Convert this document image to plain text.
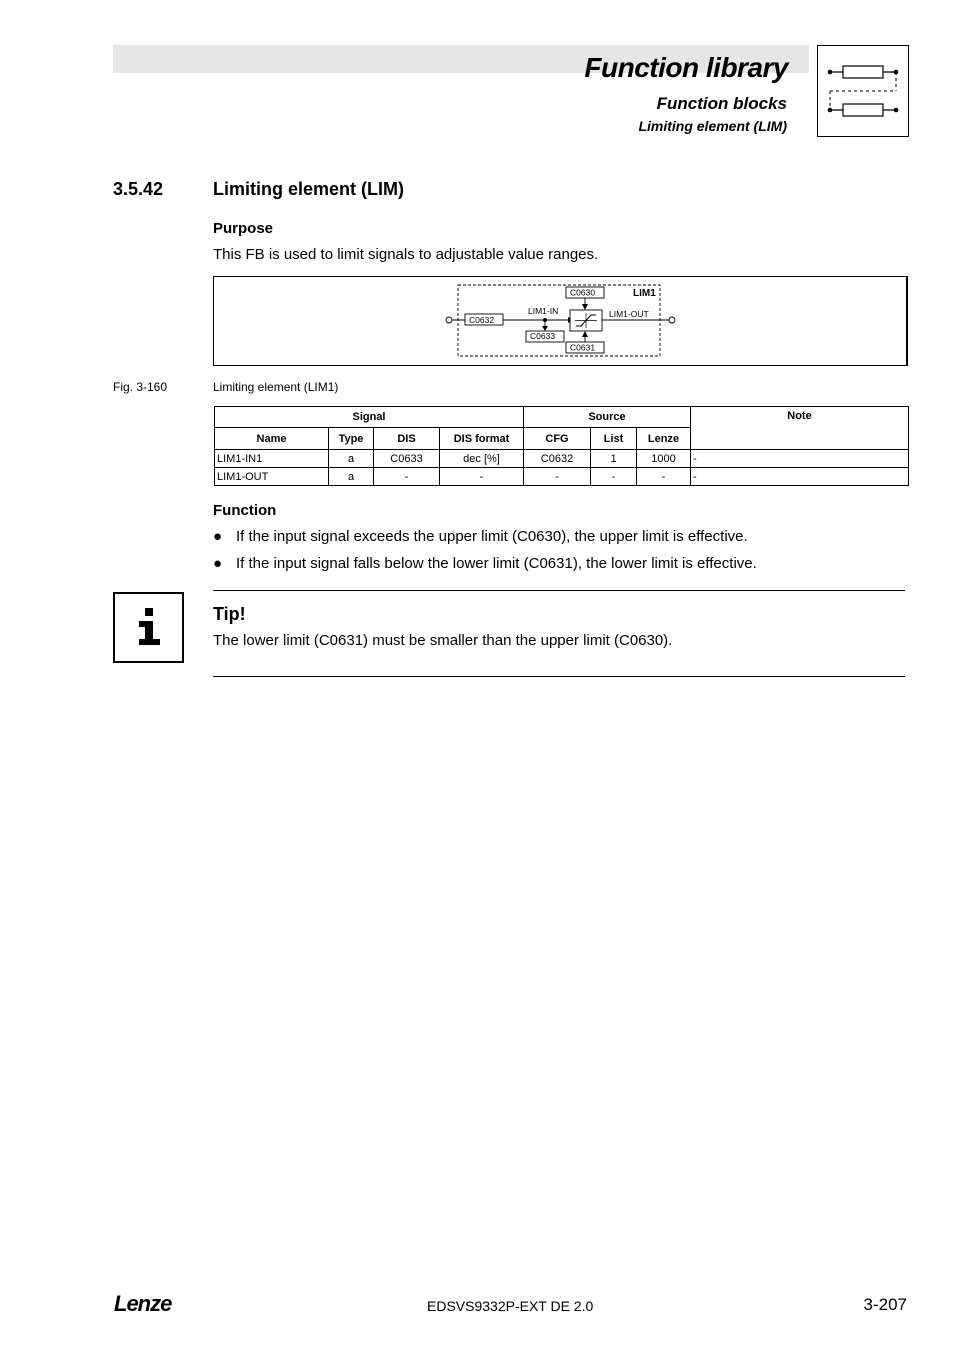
Function library
Function blocks
Limiting element (LIM)
3.5.42	Limiting element (LIM)
Purpose
This FB is used to limit signals to adjustable value ranges.
LIM1
C0632
LIM1-IN
C0633
C0630
C0631
LIM1-OUT
Fig. 3-160	Limiting element (LIM1)
Signal				Source			Note
Name	Type	DIS	DIS format	CFG	List	Lenze	
LIM1-IN1	a	C0633	dec [%]	C0632	1	1000	-
LIM1-OUT	a	-	-	-	-	-	-
Function
● If the input signal exceeds the upper limit (C0630), the upper limit is effective.
● If the input signal falls below the lower limit (C0631), the lower limit is effective.
Tip!
The lower limit (C0631) must be smaller than the upper limit (C0630).
Lenze	EDSVS9332P-EXT DE 2.0	3-207
